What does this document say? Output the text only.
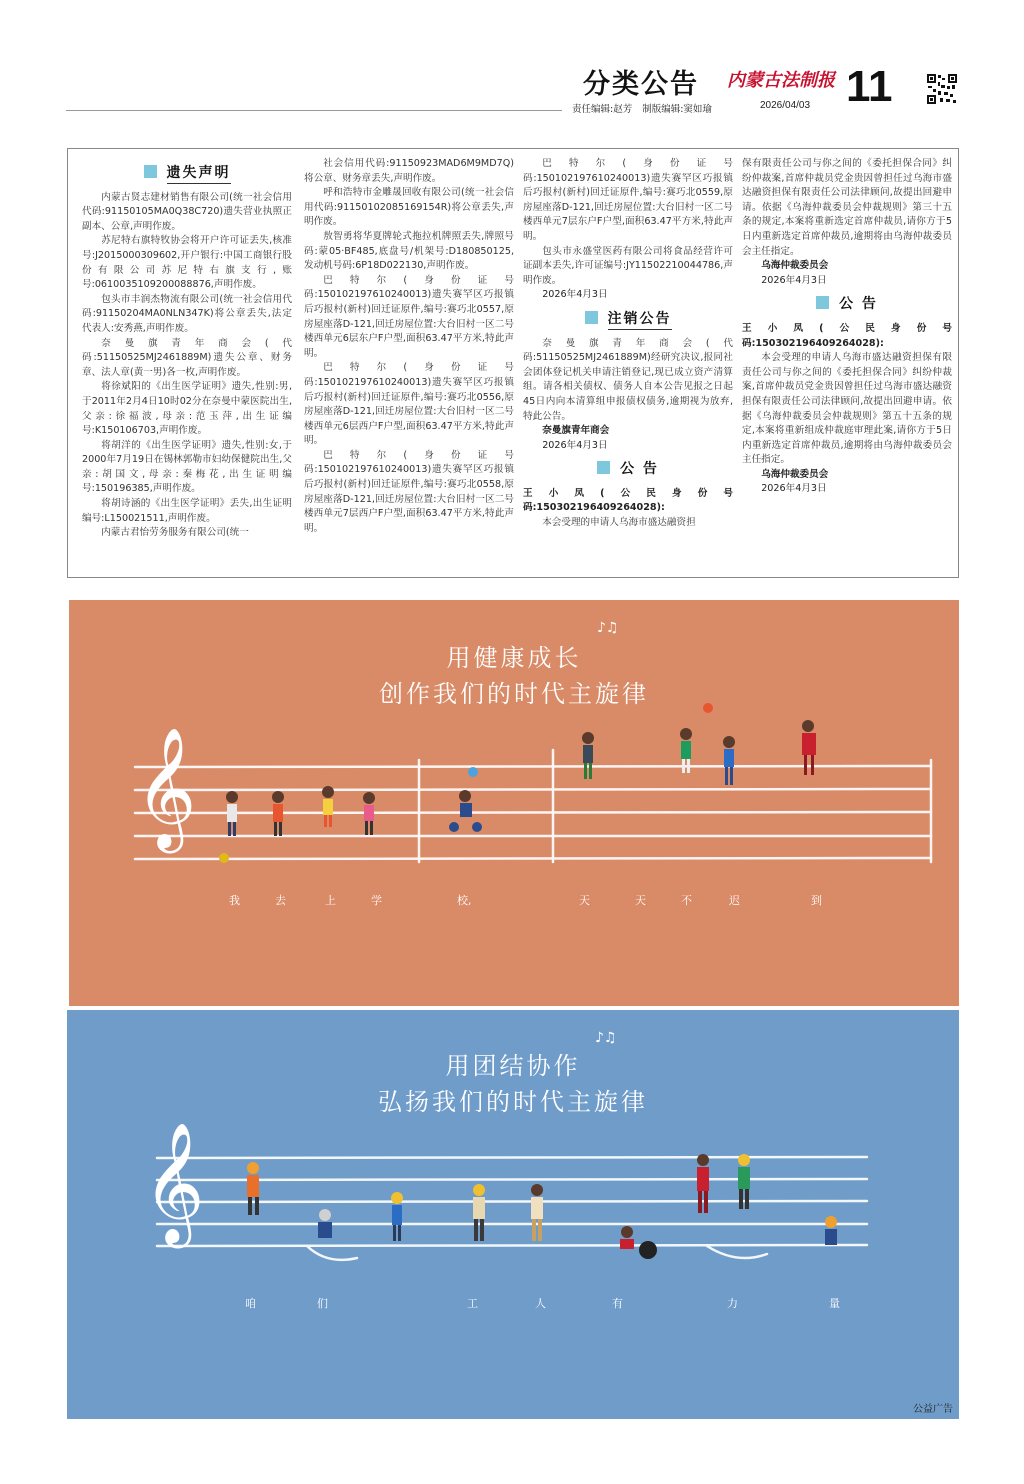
分类公告 内蒙古法制报 11
责任编辑:赵芳 制版编辑:窦如瑜	2026/04/03
遗失声明

内蒙古贤志建材销售有限公司(统一社会信用代码:91150105MA0Q38C720)遗失营业执照正副本、公章,声明作废。

苏尼特右旗特牧协会将开户许可证丢失,核准号:J2015000309602,开户银行:中国工商银行股份有限公司苏尼特右旗支行,账号:0610035109200088876,声明作废。

包头市丰润杰物流有限公司(统一社会信用代码:91150204MA0NLN347K)将公章丢失,法定代表人:安秀燕,声明作废。

奈曼旗青年商会(代码:51150525MJ2461889M)遗失公章、财务章、法人章(黄一男)各一枚,声明作废。

将徐斌阳的《出生医学证明》遗失,性别:男,于2011年2月4日10时02分在奈曼中蒙医院出生,父亲:徐福波,母亲:范玉萍,出生证编号:K150106703,声明作废。

将胡洋的《出生医学证明》遗失,性别:女,于2000年7月19日在锡林郭勒市妇幼保健院出生,父亲:胡国文,母亲:秦梅花,出生证明编号:150196385,声明作废。

将胡诗涵的《出生医学证明》丢失,出生证明编号:L150021511,声明作废。

内蒙古君怡劳务服务有限公司(统一

社会信用代码:91150923MAD6M9MD7Q)将公章、财务章丢失,声明作废。

呼和浩特市金雕晟回收有限公司(统一社会信用代码:91150102085169154R)将公章丢失,声明作废。

敖智勇将华夏牌轮式拖拉机牌照丢失,牌照号码:蒙05·BF485,底盘号/机架号:D180850125,发动机号码:6P18D022130,声明作废。

巴特尔(身份证号码:150102197610240013)遗失赛罕区巧报镇后巧报村(新村)回迁证原件,编号:赛巧北0557,原房屋座落D-121,回迁房屋位置:大台旧村一区二号楼西单元6层东户F户型,面积63.47平方米,特此声明。

巴特尔(身份证号码:150102197610240013)遗失赛罕区巧报镇后巧报村(新村)回迁证原件,编号:赛巧北0556,原房屋座落D-121,回迁房屋位置:大台旧村一区二号楼西单元6层西户F户型,面积63.47平方米,特此声明。

巴特尔(身份证号码:150102197610240013)遗失赛罕区巧报镇后巧报村(新村)回迁证原件,编号:赛巧北0558,原房屋座落D-121,回迁房屋位置:大台旧村一区二号楼西单元7层西户F户型,面积63.47平方米,特此声明。

巴特尔(身份证号码:150102197610240013)遗失赛罕区巧报镇后巧报村(新村)回迁证原件,编号:赛巧北0559,原房屋座落D-121,回迁房屋位置:大台旧村一区二号楼西单元7层东户F户型,面积63.47平方米,特此声明。

包头市永盛堂医药有限公司将食品经营许可证副本丢失,许可证编号:JY11502210044786,声明作废。

2026年4月3日

注销公告

奈曼旗青年商会(代码:51150525MJ2461889M)经研究决议,报同社会团体登记机关申请注销登记,现已成立资产清算组。请各相关债权、债务人自本公告见报之日起45日内向本清算组申报债权债务,逾期视为放弃,特此公告。

奈曼旗青年商会

2026年4月3日

公 告

王小凤(公民身份号码:150302196409264028):

本会受理的申请人乌海市盛达融资担

保有限责任公司与你之间的《委托担保合同》纠纷仲裁案,首席仲裁员党金贵因曾担任过乌海市盛达融资担保有限责任公司法律顾问,故提出回避申请。依据《乌海仲裁委员会仲裁规则》第三十五条的规定,本案将重新选定首席仲裁员,请你方于5日内重新选定首席仲裁员,逾期将由乌海仲裁委员会主任指定。

乌海仲裁委员会

2026年4月3日

公 告

王小凤(公民身份号码:150302196409264028):

本会受理的申请人乌海市盛达融资担保有限责任公司与你之间的《委托担保合同》纠纷仲裁案,首席仲裁员党金贵因曾担任过乌海市盛达融资担保有限责任公司法律顾问,故提出回避申请。依据《乌海仲裁委员会仲裁规则》第五十五条的规定,本案将重新组成仲裁庭审理此案,请你方于5日内重新选定首席仲裁员,逾期将由乌海仲裁委员会主任指定。

乌海仲裁委员会

2026年4月3日

用健康成长
创作我们的时代主旋律
♪♫
𝄞
我	去	上	学	校,	天	天	不	迟	到
用团结协作
弘扬我们的时代主旋律
♪♫
𝄞
咱	们	工	人	有	力	量
公益广告
